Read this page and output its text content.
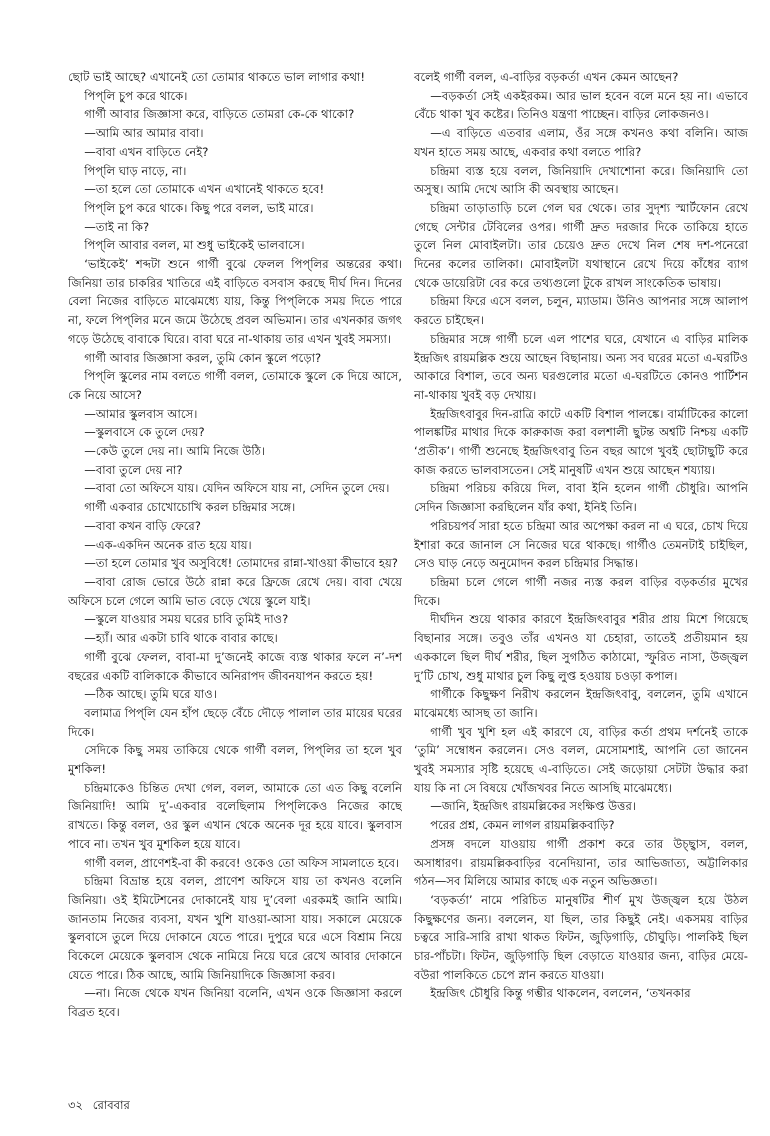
ছোট ভাই আছে? এখানেই তো তোমার থাকতে ভাল লাগার কথা!

পিপ্‌লি চুপ করে থাকে।

গার্গী আবার জিজ্ঞাসা করে, বাড়িতে তোমরা কে-কে থাকো?

—আমি আর আমার বাবা।

—বাবা এখন বাড়িতে নেই?

পিপ্‌লি ঘাড় নাড়ে, না।

—তা হলে তো তোমাকে এখন এখানেই থাকতে হবে!

পিপ্‌লি চুপ করে থাকে। কিছু পরে বলল, ভাই মারে।

—তাই না কি?

পিপ্‌লি আবার বলল, মা শুধু ভাইকেই ভালবাসে।

‘ভাইকেই’ শব্দটা শুনে গার্গী বুঝে ফেলল পিপ্‌লির অন্তরের কথা। জিনিয়া তার চাকরির খাতিরে এই বাড়িতে বসবাস করছে দীর্ঘ দিন। দিনের বেলা নিজের বাড়িতে মাঝেমধ্যে যায়, কিন্তু পিপ্‌লিকে সময় দিতে পারে না, ফলে পিপ্‌লির মনে জমে উঠেছে প্রবল অভিমান। তার এখনকার জগৎ গড়ে উঠেছে বাবাকে ঘিরে। বাবা ঘরে না-থাকায় তার এখন খুবই সমস্যা।

গার্গী আবার জিজ্ঞাসা করল, তুমি কোন স্কুলে পড়ো?

পিপ্‌লি স্কুলের নাম বলতে গার্গী বলল, তোমাকে স্কুলে কে দিয়ে আসে, কে নিয়ে আসে?

—আমার স্কুলবাস আসে।

—স্কুলবাসে কে তুলে দেয়?

—কেউ তুলে দেয় না। আমি নিজে উঠি।

—বাবা তুলে দেয় না?

—বাবা তো অফিসে যায়। যেদিন অফিসে যায় না, সেদিন তুলে দেয়।

গার্গী একবার চোখোচোখি করল চন্দ্রিমার সঙ্গে।

—বাবা কখন বাড়ি ফেরে?

—এক-একদিন অনেক রাত হয়ে যায়।

—তা হলে তোমার খুব অসুবিধে! তোমাদের রান্না-খাওয়া কীভাবে হয়?

—বাবা রোজ ভোরে উঠে রান্না করে ফ্রিজে রেখে দেয়। বাবা খেয়ে অফিসে চলে গেলে আমি ভাত বেড়ে খেয়ে স্কুলে যাই।

—স্কুলে যাওয়ার সময় ঘরের চাবি তুমিই দাও?

—হ্যাঁ। আর একটা চাবি থাকে বাবার কাছে।

গার্গী বুঝে ফেলল, বাবা-মা দু’জনেই কাজে ব্যস্ত থাকার ফলে ন’-দশ বছরের একটি বালিকাকে কীভাবে অনিরাপদ জীবনযাপন করতে হয়!

—ঠিক আছে। তুমি ঘরে যাও।

বলামাত্র পিপ্‌লি যেন হাঁপ ছেড়ে বেঁচে দৌড়ে পালাল তার মায়ের ঘরের দিকে।

সেদিকে কিছু সময় তাকিয়ে থেকে গার্গী বলল, পিপ্‌লির তা হলে খুব মুশকিল!

চন্দ্রিমাকেও চিন্তিত দেখা গেল, বলল, আমাকে তো এত কিছু বলেনি জিনিয়াদি! আমি দু’-একবার বলেছিলাম পিপ্‌লিকেও নিজের কাছে রাখতে। কিন্তু বলল, ওর স্কুল এখান থেকে অনেক দূর হয়ে যাবে। স্কুলবাস পাবে না। তখন খুব মুশকিল হয়ে যাবে।

গার্গী বলল, প্রাণেশই-বা কী করবে! ওকেও তো অফিস সামলাতে হবে।

চন্দ্রিমা বিভ্রান্ত হয়ে বলল, প্রাণেশ অফিসে যায় তা কখনও বলেনি জিনিয়া। ওই ইমিটেশনের দোকানেই যায় দু’বেলা এরকমই জানি আমি। জানতাম নিজের ব্যবসা, যখন খুশি যাওয়া-আসা যায়। সকালে মেয়েকে স্কুলবাসে তুলে দিয়ে দোকানে যেতে পারে। দুপুরে ঘরে এসে বিশ্রাম নিয়ে বিকেলে মেয়েকে স্কুলবাস থেকে নামিয়ে নিয়ে ঘরে রেখে আবার দোকানে যেতে পারে। ঠিক আছে, আমি জিনিয়াদিকে জিজ্ঞাসা করব।

—না। নিজে থেকে যখন জিনিয়া বলেনি, এখন ওকে জিজ্ঞাসা করলে বিব্রত হবে।

বলেই গার্গী বলল, এ-বাড়ির বড়কর্তা এখন কেমন আছেন?

—বড়কর্তা সেই একইরকম। আর ভাল হবেন বলে মনে হয় না। এভাবে বেঁচে থাকা খুব কষ্টের। তিনিও যন্ত্রণা পাচ্ছেন। বাড়ির লোকজনও।

—এ বাড়িতে এতবার এলাম, ওঁর সঙ্গে কখনও কথা বলিনি। আজ যখন হাতে সময় আছে, একবার কথা বলতে পারি?

চন্দ্রিমা ব্যস্ত হয়ে বলল, জিনিয়াদি দেখাশোনা করে। জিনিয়াদি তো অসুস্থ। আমি দেখে আসি কী অবস্থায় আছেন।

চন্দ্রিমা তাড়াতাড়ি চলে গেল ঘর থেকে। তার সুদৃশ্য স্মার্টফোন রেখে গেছে সেন্টার টেবিলের ওপর। গার্গী দ্রুত দরজার দিকে তাকিয়ে হাতে তুলে নিল মোবাইলটা। তার চেয়েও দ্রুত দেখে নিল শেষ দশ-পনেরো দিনের কলের তালিকা। মোবাইলটা যথাস্থানে রেখে দিয়ে কাঁধের ব্যাগ থেকে ডায়েরিটা বের করে তথ্যগুলো টুকে রাখল সাংকেতিক ভাষায়।

চন্দ্রিমা ফিরে এসে বলল, চলুন, ম্যাডাম। উনিও আপনার সঙ্গে আলাপ করতে চাইছেন।

চন্দ্রিমার সঙ্গে গার্গী চলে এল পাশের ঘরে, যেখানে এ বাড়ির মালিক ইন্দ্রজিৎ রায়মল্লিক শুয়ে আছেন বিছানায়। অন্য সব ঘরের মতো এ-ঘরটিও আকারে বিশাল, তবে অন্য ঘরগুলোর মতো এ-ঘরটিতে কোনও পার্টিশন না-থাকায় খুবই বড় দেখায়।

ইন্দ্রজিৎবাবুর দিন-রাত্রি কাটে একটি বিশাল পালঙ্কে। বার্মাটিকের কালো পালঙ্কটির মাথার দিকে কারুকাজ করা বলশালী ছুটন্ত অশ্বটি নিশ্চয় একটি ‘প্রতীক’। গার্গী শুনেছে ইন্দ্রজিৎবাবু তিন বছর আগে খুবই ছোটাছুটি করে কাজ করতে ভালবাসতেন। সেই মানুষটি এখন শুয়ে আছেন শয্যায়।

চন্দ্রিমা পরিচয় করিয়ে দিল, বাবা ইনি হলেন গার্গী চৌধুরি। আপনি সেদিন জিজ্ঞাসা করছিলেন যাঁর কথা, ইনিই তিনি।

পরিচয়পর্ব সারা হতে চন্দ্রিমা আর অপেক্ষা করল না এ ঘরে, চোখ দিয়ে ইশারা করে জানাল সে নিজের ঘরে থাকছে। গার্গীও তেমনটাই চাইছিল, সেও ঘাড় নেড়ে অনুমোদন করল চন্দ্রিমার সিদ্ধান্ত।

চন্দ্রিমা চলে গেলে গার্গী নজর ন্যস্ত করল বাড়ির বড়কর্তার মুখের দিকে।

দীর্ঘদিন শুয়ে থাকার কারণে ইন্দ্রজিৎবাবুর শরীর প্রায় মিশে গিয়েছে বিছানার সঙ্গে। তবুও তাঁর এখনও যা চেহারা, তাতেই প্রতীয়মান হয় এককালে ছিল দীর্ঘ শরীর, ছিল সুগঠিত কাঠামো, স্ফুরিত নাসা, উজ্জ্বল দু’টি চোখ, শুধু মাথার চুল কিছু লুপ্ত হওয়ায় চওড়া কপাল।

গার্গীকে কিছুক্ষণ নিরীখ করলেন ইন্দ্রজিৎবাবু, বললেন, তুমি এখানে মাঝেমধ্যে আসছ তা জানি।

গার্গী খুব খুশি হল এই কারণে যে, বাড়ির কর্তা প্রথম দর্শনেই তাকে ‘তুমি’ সম্বোধন করলেন। সেও বলল, মেসোমশাই, আপনি তো জানেন খুবই সমস্যার সৃষ্টি হয়েছে এ-বাড়িতে। সেই জড়োয়া সেটটা উদ্ধার করা যায় কি না সে বিষয়ে খোঁজখবর নিতে আসছি মাঝেমধ্যে।

—জানি, ইন্দ্রজিৎ রায়মল্লিকের সংক্ষিপ্ত উত্তর।

পরের প্রশ্ন, কেমন লাগল রায়মল্লিকবাড়ি?

প্রসঙ্গ বদলে যাওয়ায় গার্গী প্রকাশ করে তার উচ্ছ্বাস, বলল, অসাধারণ। রায়মল্লিকবাড়ির বনেদিয়ানা, তার আভিজাত্য, অট্টালিকার গঠন—সব মিলিয়ে আমার কাছে এক নতুন অভিজ্ঞতা।

‘বড়কর্তা’ নামে পরিচিত মানুষটির শীর্ণ মুখ উজ্জ্বল হয়ে উঠল কিছুক্ষণের জন্য। বললেন, যা ছিল, তার কিছুই নেই। একসময় বাড়ির চত্বরে সারি-সারি রাখা থাকত ফিটন, জুড়িগাড়ি, চৌঘুড়ি। পালকিই ছিল চার-পাঁচটা। ফিটন, জুড়িগাড়ি ছিল বেড়াতে যাওয়ার জন্য, বাড়ির মেয়ে-বউরা পালকিতে চেপে স্নান করতে যাওয়া।

ইন্দ্রজিৎ চৌধুরি কিন্তু গম্ভীর থাকলেন, বললেন, ‘তখনকার

৩২ রোববার
